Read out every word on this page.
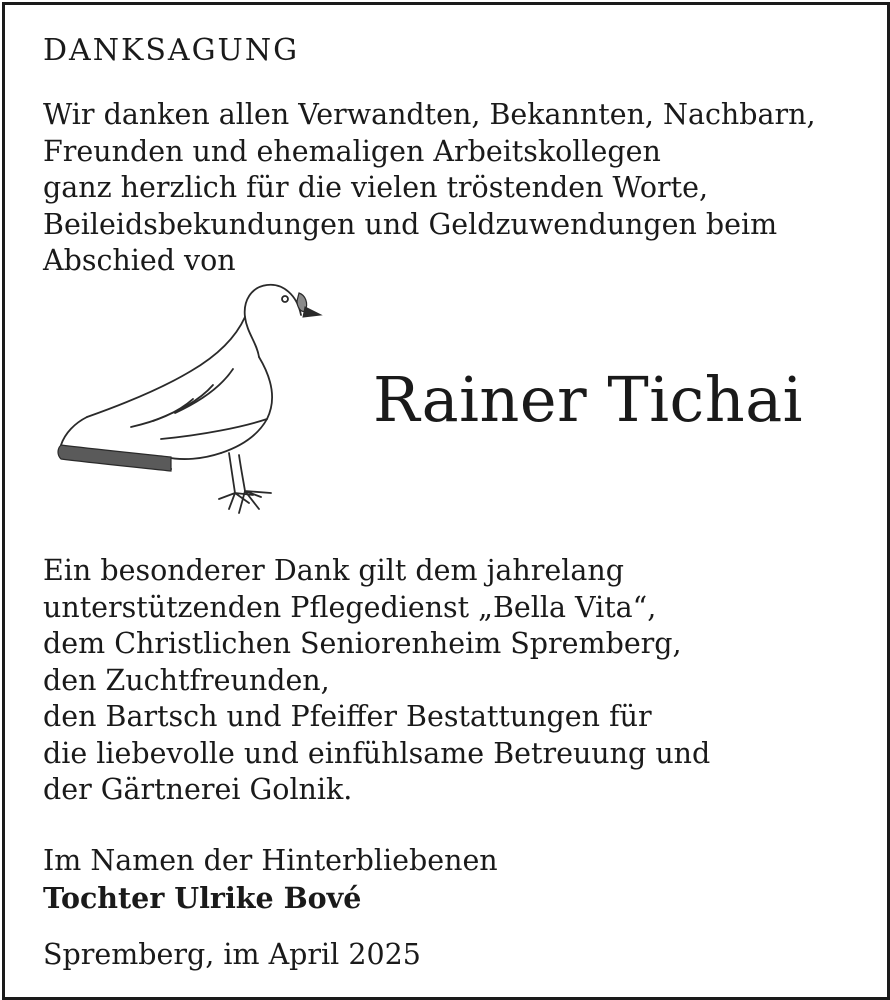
DANKSAGUNG
Wir danken allen Verwandten, Bekannten, Nachbarn,
Freunden und ehemaligen Arbeitskollegen
ganz herzlich für die vielen tröstenden Worte,
Beileidsbekundungen und Geldzuwendungen beim
Abschied von
Rainer Tichai
Ein besonderer Dank gilt dem jahrelang
unterstützenden Pflegedienst „Bella Vita“,
dem Christlichen Seniorenheim Spremberg,
den Zuchtfreunden,
den Bartsch und Pfeiffer Bestattungen für
die liebevolle und einfühlsame Betreuung und
der Gärtnerei Golnik.
Im Namen der Hinterbliebenen
Tochter Ulrike Bové
Spremberg, im April 2025
